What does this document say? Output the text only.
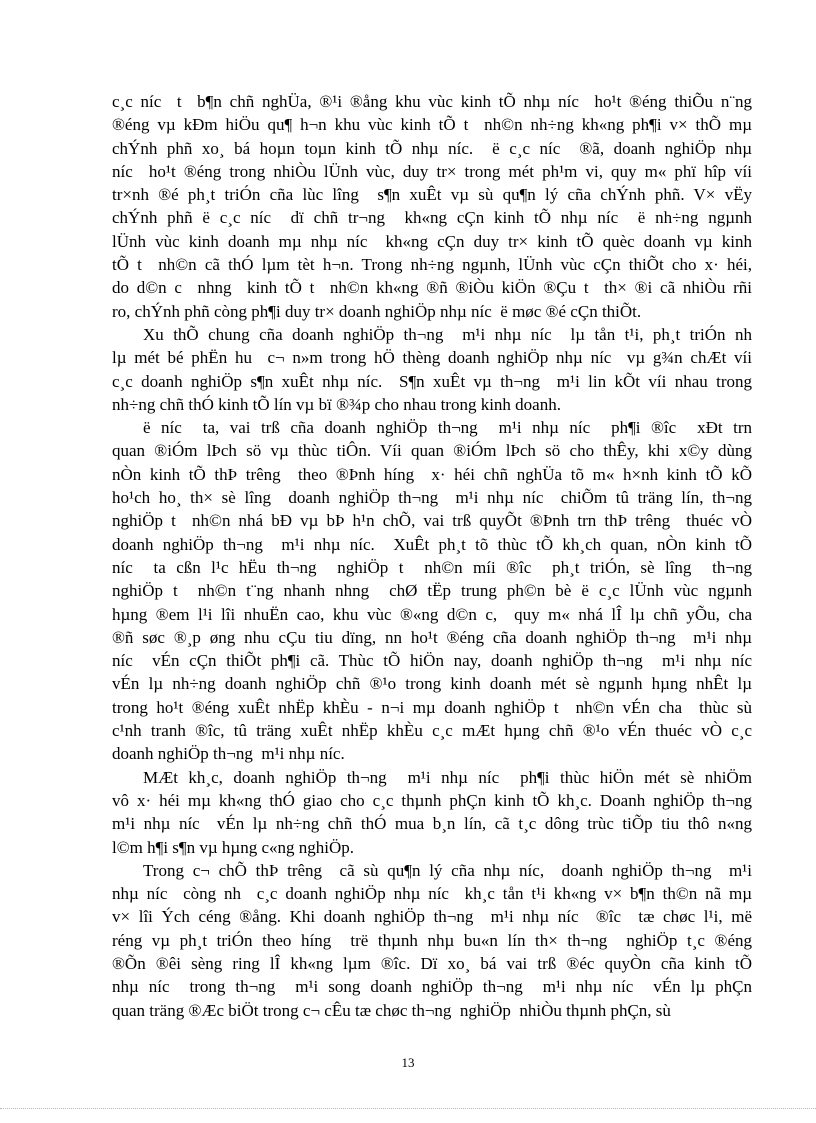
c¸c níc  t  b¶n chñ nghÜa, ®¹i ®ång khu vùc kinh tÕ nhµ níc  ho¹t ®éng thiÕu n¨ng
®éng vµ kÐm hiÖu qu¶ h¬n khu vùc kinh tÕ t  nh©n nh÷ng kh«ng ph¶i v× thÕ mµ
chÝnh phñ xo¸ bá hoµn toµn kinh tÕ nhµ níc.  ë c¸c níc  ®ã, doanh nghiÖp nhµ
níc  ho¹t ®éng trong nhiÒu lÜnh vùc, duy tr× trong mét ph¹m vi, quy m« phï hîp víi
tr×nh ®é ph¸t triÓn cña lùc lîng  s¶n xuÊt vµ sù qu¶n lý cña chÝnh phñ. V× vËy
chÝnh phñ ë c¸c níc  dï chñ tr¬ng  kh«ng cÇn kinh tÕ nhµ níc  ë nh÷ng ngµnh
lÜnh vùc kinh doanh mµ nhµ níc  kh«ng cÇn duy tr× kinh tÕ quèc doanh vµ kinh
tÕ t  nh©n cã thÓ lµm tèt h¬n. Trong nh÷ng ngµnh, lÜnh vùc cÇn thiÕt cho x· héi,
do d©n c  nhng  kinh tÕ t  nh©n kh«ng ®ñ ®iÒu kiÖn ®Çu t  th× ®i cã nhiÒu rñi
ro, chÝnh phñ còng ph¶i duy tr× doanh nghiÖp nhµ níc  ë møc ®é cÇn thiÕt.
Xu thÕ chung cña doanh nghiÖp th¬ng  m¹i nhµ níc  lµ tån t¹i, ph¸t triÓn nh
lµ mét bé phËn hu  c¬ n»m trong hÖ thèng doanh nghiÖp nhµ níc  vµ g¾n chÆt víi
c¸c doanh nghiÖp s¶n xuÊt nhµ níc.  S¶n xuÊt vµ th¬ng  m¹i lin kÕt víi nhau trong
nh÷ng chñ thÓ kinh tÕ lín vµ bï ®¾p cho nhau trong kinh doanh.
ë níc  ta, vai trß cña doanh nghiÖp th¬ng  m¹i nhµ níc  ph¶i ®îc  xÐt trn
quan ®iÓm lÞch sö vµ thùc tiÔn. Víi quan ®iÓm lÞch sö cho thÊy, khi x©y dùng
nÒn kinh tÕ thÞ trêng  theo ®Þnh híng  x· héi chñ nghÜa tõ m« h×nh kinh tÕ kÕ
ho¹ch ho¸ th× sè lîng  doanh nghiÖp th¬ng  m¹i nhµ níc  chiÕm tû träng lín, th¬ng
nghiÖp t  nh©n nhá bÐ vµ bÞ h¹n chÕ, vai trß quyÕt ®Þnh trn thÞ trêng  thuéc vÒ
doanh nghiÖp th¬ng  m¹i nhµ níc.  XuÊt ph¸t tõ thùc tÕ kh¸ch quan, nÒn kinh tÕ
níc  ta cßn l¹c hËu th¬ng  nghiÖp t  nh©n míi ®îc  ph¸t triÓn, sè lîng  th¬ng
nghiÖp t  nh©n t¨ng nhanh nhng  chØ tËp trung ph©n bè ë c¸c lÜnh vùc ngµnh
hµng ®em l¹i lîi nhuËn cao, khu vùc ®«ng d©n c,  quy m« nhá lÎ lµ chñ yÕu, cha
®ñ søc ®¸p øng nhu cÇu tiu dïng, nn ho¹t ®éng cña doanh nghiÖp th¬ng  m¹i nhµ
níc  vÉn cÇn thiÕt ph¶i cã. Thùc tÕ hiÖn nay, doanh nghiÖp th¬ng  m¹i nhµ níc
vÉn lµ nh÷ng doanh nghiÖp chñ ®¹o trong kinh doanh mét sè ngµnh hµng nhÊt lµ
trong ho¹t ®éng xuÊt nhËp khÈu - n¬i mµ doanh nghiÖp t  nh©n vÉn cha  thùc sù
c¹nh tranh ®îc, tû träng xuÊt nhËp khÈu c¸c mÆt hµng chñ ®¹o vÉn thuéc vÒ c¸c
doanh nghiÖp th¬ng  m¹i nhµ níc.
MÆt kh¸c, doanh nghiÖp th¬ng  m¹i nhµ níc  ph¶i thùc hiÖn mét sè nhiÖm
vô x· héi mµ kh«ng thÓ giao cho c¸c thµnh phÇn kinh tÕ kh¸c. Doanh nghiÖp th¬ng
m¹i nhµ níc  vÉn lµ nh÷ng chñ thÓ mua b¸n lín, cã t¸c dông trùc tiÕp tiu thô n«ng
l©m h¶i s¶n vµ hµng c«ng nghiÖp.
Trong c¬ chÕ thÞ trêng  cã sù qu¶n lý cña nhµ níc,  doanh nghiÖp th¬ng  m¹i
nhµ níc  còng nh  c¸c doanh nghiÖp nhµ níc  kh¸c tån t¹i kh«ng v× b¶n th©n nã mµ
v× lîi Ých céng ®ång. Khi doanh nghiÖp th¬ng  m¹i nhµ níc  ®îc  tæ chøc l¹i, më
réng vµ ph¸t triÓn theo híng  trë thµnh nhµ bu«n lín th× th¬ng  nghiÖp t¸c ®éng
®Õn ®êi sèng ring lÎ kh«ng lµm ®îc. Dï xo¸ bá vai trß ®éc quyÒn cña kinh tÕ
nhµ níc  trong th¬ng  m¹i song doanh nghiÖp th¬ng  m¹i nhµ níc  vÉn lµ phÇn
quan träng ®Æc biÖt trong c¬ cÊu tæ chøc th¬ng  nghiÖp  nhiÒu thµnh phÇn, sù
13
